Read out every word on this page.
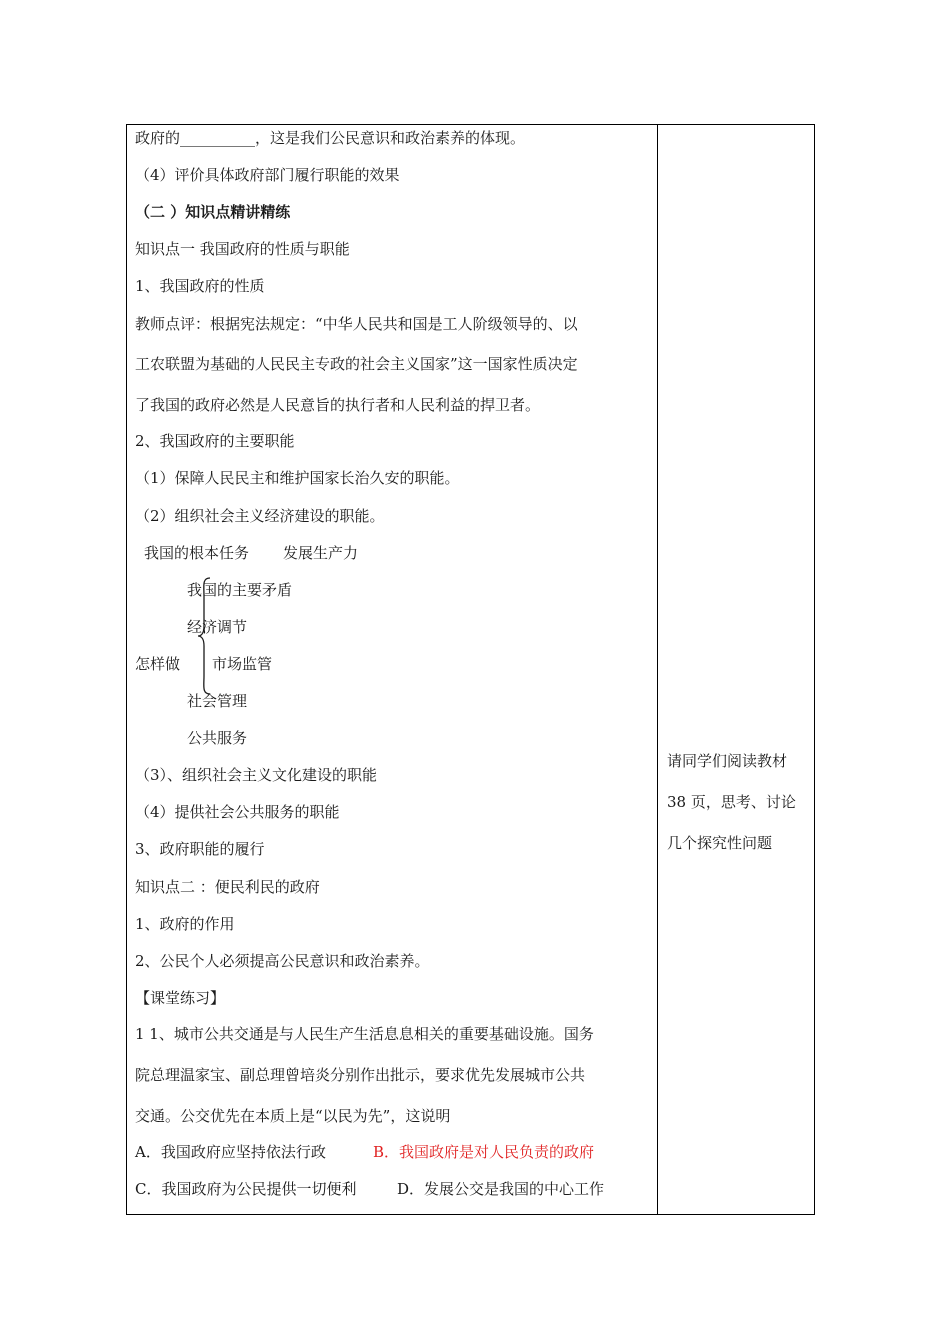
政府的__________，这是我们公民意识和政治素养的体现。
（4）评价具体政府部门履行职能的效果
（二 ）知识点精讲精练
知识点一 我国政府的性质与职能
1、我国政府的性质
教师点评：根据宪法规定：“中华人民共和国是工人阶级领导的、以
工农联盟为基础的人民民主专政的社会主义国家”这一国家性质决定
了我国的政府必然是人民意旨的执行者和人民利益的捍卫者。
2、我国政府的主要职能
（1）保障人民民主和维护国家长治久安的职能。
（2）组织社会主义经济建设的职能。
我国的根本任务 发展生产力
我国的主要矛盾
经济调节
怎样做 市场监管
社会管理
公共服务
（3）、组织社会主义文化建设的职能
（4）提供社会公共服务的职能
3、政府职能的履行
知识点二 ：便民利民的政府
1、政府的作用
2、公民个人必须提高公民意识和政治素养。
【课堂练习】
1 1、城市公共交通是与人民生产生活息息相关的重要基础设施。国务
院总理温家宝、副总理曾培炎分别作出批示，要求优先发展城市公共
交通。公交优先在本质上是“以民为先”，这说明
A．我国政府应坚持依法行政	B．我国政府是对人民负责的政府
C．我国政府为公民提供一切便利	D．发展公交是我国的中心工作
请同学们阅读教材
38 页，思考、讨论
几个探究性问题
